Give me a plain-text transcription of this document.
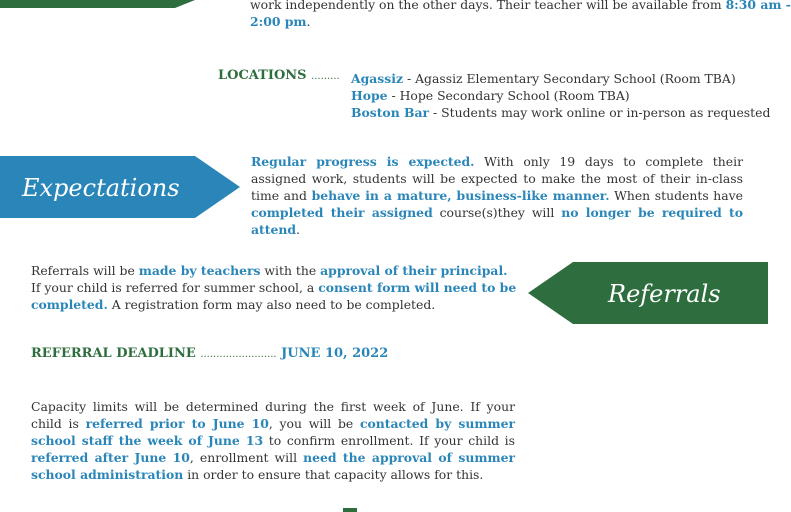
work independently on the other days. Their teacher will be available from 8:30 am -
2:00 pm.
LOCATIONS ......... Agassiz - Agassiz Elementary Secondary School (Room TBA)
Hope - Hope Secondary School (Room TBA)
Boston Bar - Students may work online or in-person as requested
Expectations
Regular progress is expected. With only 19 days to complete their assigned work, students will be expected to make the most of their in-class time and behave in a mature, business-like manner. When students have completed their assigned course(s)they will no longer be required to attend.
Referrals
Referrals will be made by teachers with the approval of their principal. If your child is referred for summer school, a consent form will need to be completed. A registration form may also need to be completed.
REFERRAL DEADLINE ........................ JUNE 10, 2022
Capacity limits will be determined during the first week of June. If your child is referred prior to June 10, you will be contacted by summer school staff the week of June 13 to confirm enrollment. If your child is referred after June 10, enrollment will need the approval of summer school administration in order to ensure that capacity allows for this.
